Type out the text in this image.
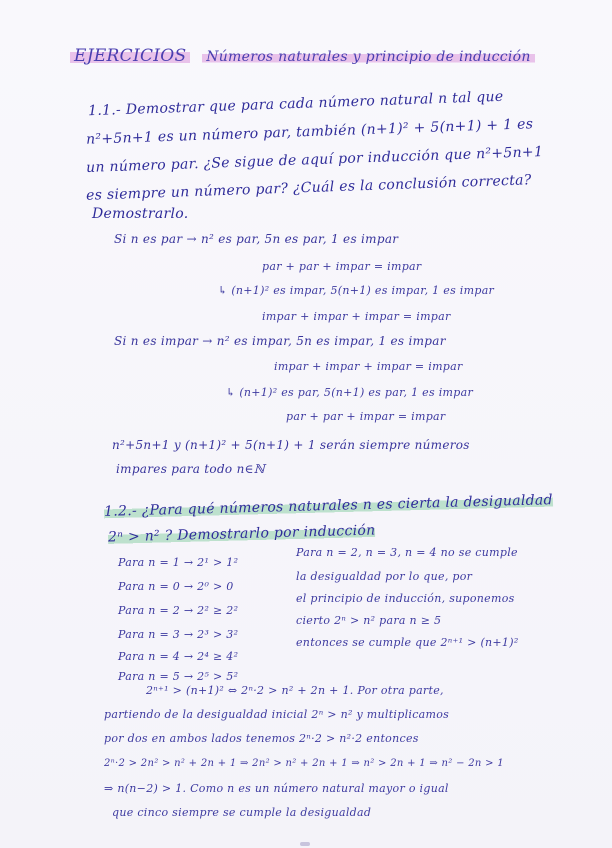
EJERCICIOS Números naturales y principio de inducción
1.1.- Demostrar que para cada número natural n tal que
n²+5n+1 es un número par, también (n+1)² + 5(n+1) + 1 es
un número par. ¿Se sigue de aquí por inducción que n²+5n+1
es siempre un número par? ¿Cuál es la conclusión correcta?
Demostrarlo.
Si n es par → n² es par, 5n es par, 1 es impar
par + par + impar = impar
↳ (n+1)² es impar, 5(n+1) es impar, 1 es impar
impar + impar + impar = impar
Si n es impar → n² es impar, 5n es impar, 1 es impar
impar + impar + impar = impar
↳ (n+1)² es par, 5(n+1) es par, 1 es impar
par + par + impar = impar
n²+5n+1 y (n+1)² + 5(n+1) + 1 serán siempre números
impares para todo n∈ℕ
1.2.- ¿Para qué números naturales n es cierta la desigualdad
2ⁿ > n² ? Demostrarlo por inducción
Para n = 1 → 2¹ > 1²
Para n = 0 → 2⁰ > 0
Para n = 2 → 2² ≥ 2²
Para n = 3 → 2³ > 3²
Para n = 4 → 2⁴ ≥ 4²
Para n = 5 → 2⁵ > 5²
Para n = 2, n = 3, n = 4 no se cumple
la desigualdad por lo que, por
el principio de inducción, suponemos
cierto 2ⁿ > n² para n ≥ 5
entonces se cumple que 2ⁿ⁺¹ > (n+1)²
2ⁿ⁺¹ > (n+1)² ⇔ 2ⁿ·2 > n² + 2n + 1. Por otra parte,
partiendo de la desigualdad inicial 2ⁿ > n² y multiplicamos
por dos en ambos lados tenemos 2ⁿ·2 > n²·2 entonces
2ⁿ·2 > 2n² > n² + 2n + 1 ⇒ 2n² > n² + 2n + 1 ⇒ n² > 2n + 1 ⇒ n² − 2n > 1
⇒ n(n−2) > 1. Como n es un número natural mayor o igual
que cinco siempre se cumple la desigualdad
